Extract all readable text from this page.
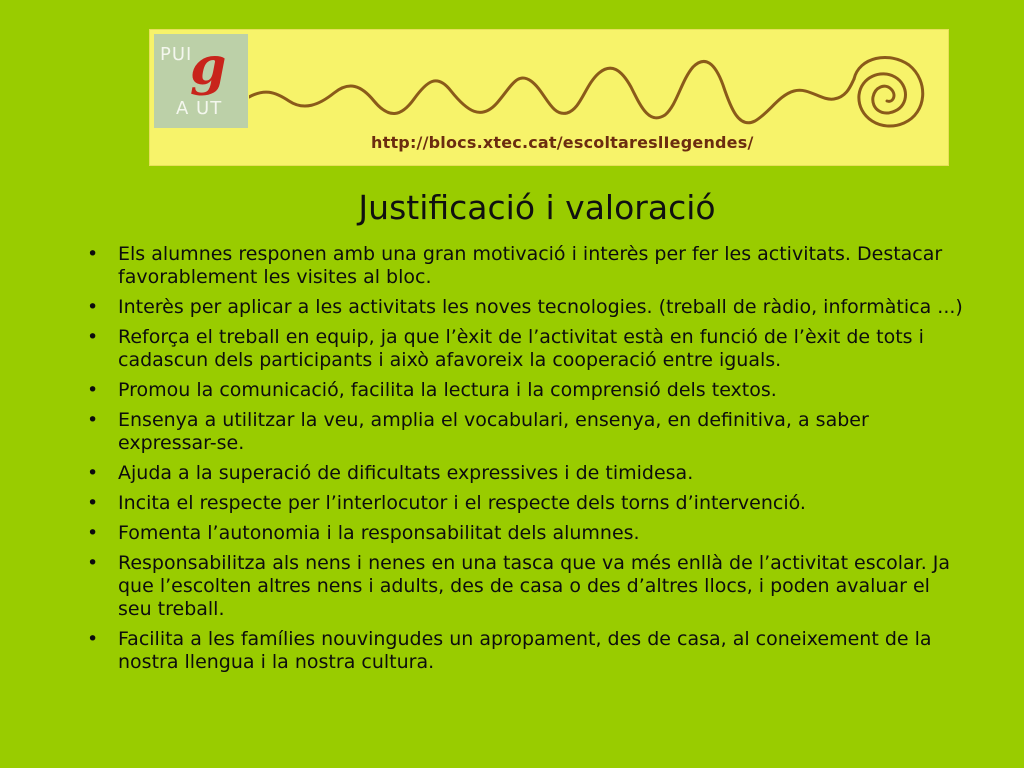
PUI
g
A UT
http://blocs.xtec.cat/escoltareslIegendes/
Justificació i valoració
• Els alumnes responen amb una gran motivació i interès per fer les activitats. Destacar favorablement les visites al bloc.
• Interès per aplicar a les activitats les noves tecnologies. (treball de ràdio, informàtica ...)
• Reforça el treball en equip, ja que l’èxit de l’activitat està en funció de l’èxit de tots i cadascun dels participants i això afavoreix la cooperació entre iguals.
• Promou la comunicació, facilita la lectura i la comprensió dels textos.
• Ensenya a utilitzar la veu, amplia el vocabulari, ensenya, en definitiva, a saber expressar-se.
• Ajuda a la superació de dificultats expressives i de timidesa.
• Incita el respecte per l’interlocutor i el respecte dels torns d’intervenció.
• Fomenta l’autonomia i la responsabilitat dels alumnes.
• Responsabilitza als nens i nenes en una tasca que va més enllà de l’activitat escolar. Ja que l’escolten altres nens i adults, des de casa o des d’altres llocs, i poden avaluar el seu treball.
• Facilita a les famílies nouvingudes un apropament, des de casa, al coneixement de la nostra llengua i la nostra cultura.
